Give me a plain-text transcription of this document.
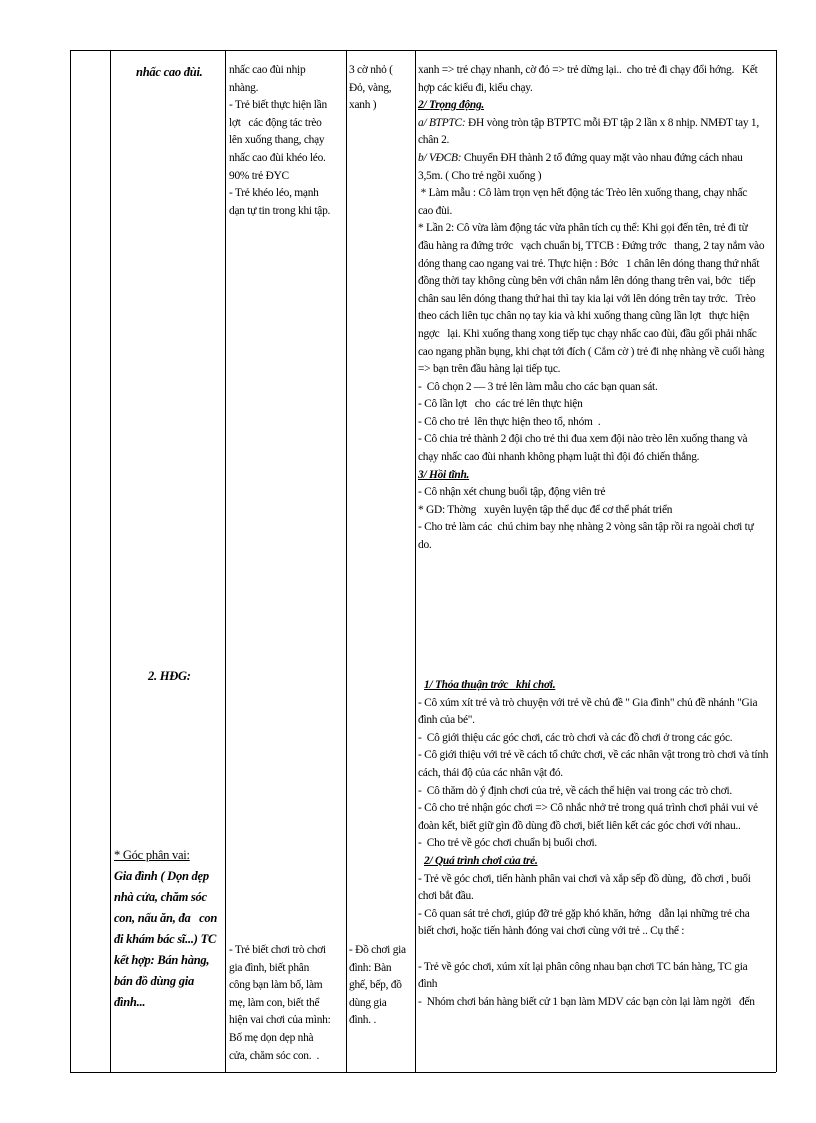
nhấc cao đùi.	nhấc cao đùi nhịp

nhàng.

- Trẻ biết thực hiện lần

lợt   các động tác trèo

lên xuống thang, chạy

nhấc cao đùi khéo léo.

90% trẻ ĐYC

- Trẻ khéo léo, mạnh

dạn tự tin trong khi tập.

3 cờ nhỏ (

Đỏ, vàng,

xanh )

xanh => trẻ chạy nhanh, cờ đỏ => trẻ dừng lại..  cho trẻ đi chạy đổi hớng.   Kết

hợp các kiểu đi, kiểu chạy.

2/ Trọng động.

a/ BTPTC: ĐH vòng tròn tập BTPTC mỗi ĐT tập 2 lần x 8 nhịp. NMĐT tay 1,

chân 2.

b/ VĐCB: Chuyển ĐH thành 2 tổ đứng quay mặt vào nhau đứng cách nhau

3,5m. ( Cho trẻ ngồi xuống )

* Làm mẫu : Cô làm trọn vẹn hết động tác Trèo lên xuống thang, chạy nhấc

cao đùi.

* Lần 2: Cô vừa làm động tác vừa phân tích cụ thể: Khi gọi đến tên, trẻ đi từ

đầu hàng ra đứng trớc   vạch chuẩn bị, TTCB : Đứng trớc   thang, 2 tay nắm vào

dóng thang cao ngang vai trẻ. Thực hiện : Bớc   1 chân lên dóng thang thứ nhất

đồng thời tay không cùng bên với chân nắm lên dóng thang trên vai, bớc   tiếp

chân sau lên dóng thang thứ hai thì tay kia lại với lên dóng trên tay trớc.   Trèo

theo cách liên tục chân nọ tay kia và khi xuống thang cũng lần lợt   thực hiện

ngợc   lại. Khi xuống thang xong tiếp tục chạy nhấc cao đùi, đầu gối phải nhấc

cao ngang phần bụng, khi chạt tới đích ( Cắm cờ ) trẻ đi nhẹ nhàng về cuối hàng

=> bạn trên đầu hàng lại tiếp tục.

-  Cô chọn 2 — 3 trẻ lên làm mẫu cho các bạn quan sát.

- Cô lần lợt   cho  các trẻ lên thực hiện

- Cô cho trẻ  lên thực hiện theo tổ, nhóm  .

- Cô chia trẻ thành 2 đội cho trẻ thi đua xem đội nào trèo lên xuống thang và

chạy nhấc cao đùi nhanh không phạm luật thì đội đó chiến thắng.

3/ Hồi tĩnh.

- Cô nhận xét chung buổi tập, động viên trẻ

* GD: Thờng   xuyên luyện tập thể dục để cơ thể phát triển

- Cho trẻ làm các  chú chim bay nhẹ nhàng 2 vòng sân tập rồi ra ngoài chơi tự

do.

2. HĐG:

* Góc phân vai:

Gia đình ( Dọn dẹp

nhà cửa, chăm sóc

con, nấu ăn, đa   con

đi khám bác sĩ...) TC

kết hợp: Bán hàng,

bán đồ dùng gia

đình...

- Trẻ biết chơi trò chơi

gia đình, biết phân

công bạn làm bố, làm

mẹ, làm con, biết thể

hiện vai chơi của mình:

Bố mẹ dọn dẹp nhà

cửa, chăm sóc con.  .

- Đồ chơi gia

đình: Bàn

ghế, bếp, đồ

dùng gia

đình. .

1/ Thỏa thuận trớc   khi chơi.

- Cô xúm xít trẻ và trò chuyện với trẻ về chủ đề " Gia đình" chủ đề nhánh "Gia

đình của bé".

-  Cô giới thiệu các góc chơi, các trò chơi và các đồ chơi ở trong các góc.

- Cô giới thiệu với trẻ về cách tổ chức chơi, về các nhân vật trong trò chơi và tính

cách, thái độ của các nhân vật đó.

-  Cô thăm dò ý định chơi của trẻ, về cách thể hiện vai trong các trò chơi.

- Cô cho trẻ nhận góc chơi => Cô nhắc nhở trẻ trong quá trình chơi phải vui vẻ

đoàn kết, biết giữ gìn đồ dùng đồ chơi, biết liên kết các góc chơi với nhau..

-  Cho trẻ về góc chơi chuẩn bị buổi chơi.

2/ Quá trình chơi của trẻ.

- Trẻ về góc chơi, tiến hành phân vai chơi và xắp sếp đồ dùng,  đồ chơi , buổi

chơi bắt đầu.

- Cô quan sát trẻ chơi, giúp đỡ trẻ gặp khó khăn, hớng   dẫn lại những trẻ cha

biết chơi, hoặc tiến hành đóng vai chơi cùng với trẻ .. Cụ thể :

- Trẻ về góc chơi, xúm xít lại phân công nhau bạn chơi TC bán hàng, TC gia

đình

-  Nhóm chơi bán hàng biết cử 1 bạn làm MDV các bạn còn lại làm ngời   đến
